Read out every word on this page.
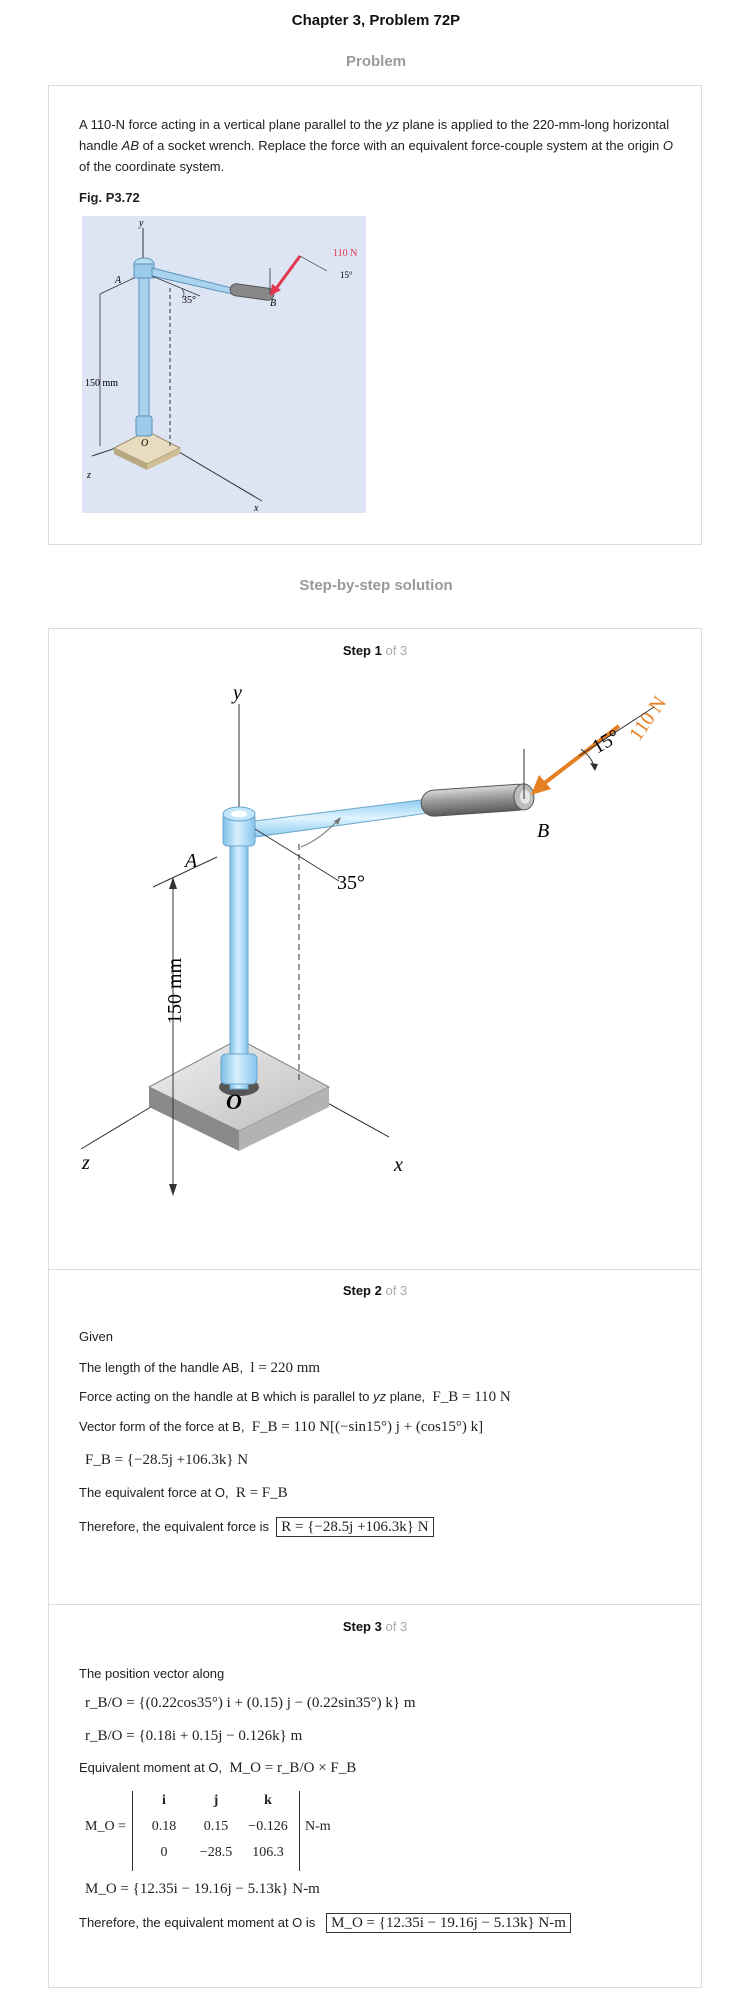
Chapter 3, Problem 72P
Problem
A 110-N force acting in a vertical plane parallel to the yz plane is applied to the 220-mm-long horizontal handle AB of a socket wrench. Replace the force with an equivalent force-couple system at the origin O of the coordinate system.
Fig. P3.72
y
z
x
35°
150 mm
A
O
B
110 N
15°
Step-by-step solution
Step 1 of 3
y
z	x
35°
A
150 mm
O
B
110 N
15°
Step 2 of 3
Given
The length of the handle AB, l = 220 mm
Force acting on the handle at B which is parallel to yz plane, F_B = 110 N
Vector form of the force at B, F_B = 110 N[(−sin15°) j + (cos15°) k]
F_B = {−28.5j +106.3k} N
The equivalent force at O, R = F_B
Therefore, the equivalent force is R = {−28.5j +106.3k} N
Step 3 of 3
The position vector along
r_B/O = {(0.22cos35°) i + (0.15) j − (0.22sin35°) k} m
r_B/O = {0.18i + 0.15j − 0.126k} m
Equivalent moment at O, M_O = r_B/O × F_B
M_O =
i	j	k
0.18	0.15	−0.126
0	−28.5	106.3
N-m
M_O = {12.35i − 19.16j − 5.13k} N-m
Therefore, the equivalent moment at O is M_O = {12.35i − 19.16j − 5.13k} N-m
